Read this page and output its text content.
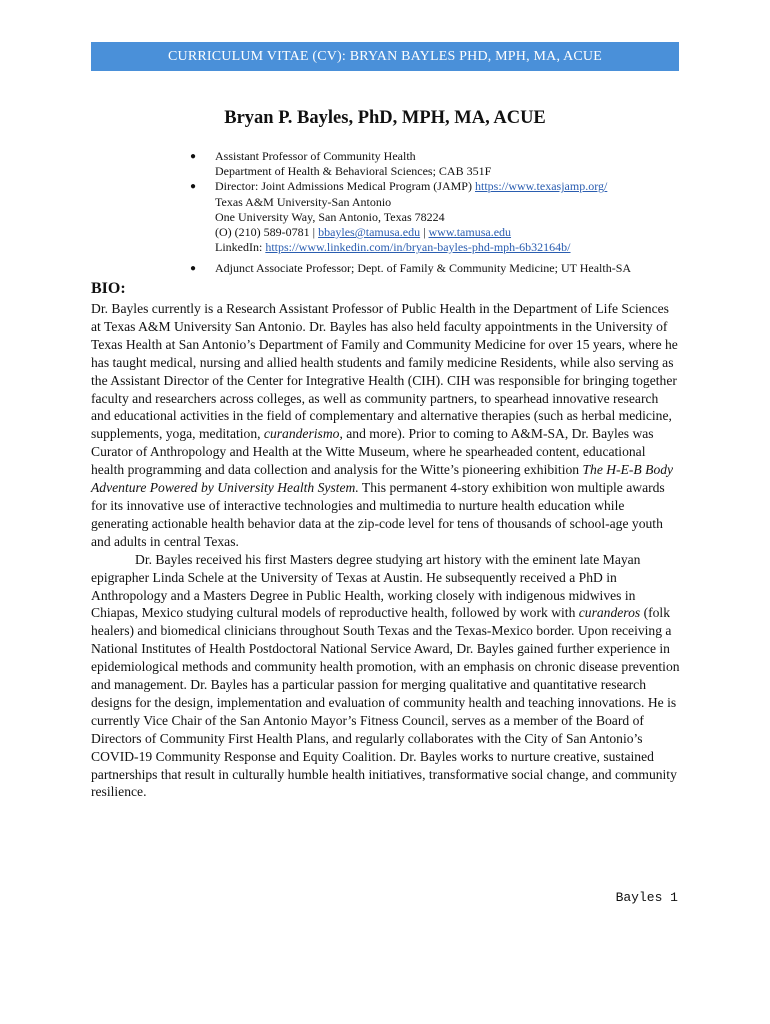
CURRICULUM VITAE (CV): BRYAN BAYLES PHD, MPH, MA, ACUE
Bryan P. Bayles, PhD, MPH, MA, ACUE
● Assistant Professor of Community Health
Department of Health & Behavioral Sciences; CAB 351F
● Director: Joint Admissions Medical Program (JAMP) https://www.texasjamp.org/
Texas A&M University-San Antonio
One University Way, San Antonio, Texas 78224
(O) (210) 589-0781 | bbayles@tamusa.edu | www.tamusa.edu
LinkedIn: https://www.linkedin.com/in/bryan-bayles-phd-mph-6b32164b/
● Adjunct Associate Professor; Dept. of Family & Community Medicine; UT Health-SA
BIO:

Dr. Bayles currently is a Research Assistant Professor of Public Health in the Department of Life Sciences at Texas A&M University San Antonio. Dr. Bayles has also held faculty appointments in the University of Texas Health at San Antonio’s Department of Family and Community Medicine for over 15 years, where he has taught medical, nursing and allied health students and family medicine Residents, while also serving as the Assistant Director of the Center for Integrative Health (CIH). CIH was responsible for bringing together faculty and researchers across colleges, as well as community partners, to spearhead innovative research and educational activities in the field of complementary and alternative therapies (such as herbal medicine, supplements, yoga, meditation, curanderismo, and more). Prior to coming to A&M-SA, Dr. Bayles was Curator of Anthropology and Health at the Witte Museum, where he spearheaded content, educational health programming and data collection and analysis for the Witte’s pioneering exhibition The H-E-B Body Adventure Powered by University Health System. This permanent 4-story exhibition won multiple awards for its innovative use of interactive technologies and multimedia to nurture health education while generating actionable health behavior data at the zip-code level for tens of thousands of school-age youth and adults in central Texas.

Dr. Bayles received his first Masters degree studying art history with the eminent late Mayan epigrapher Linda Schele at the University of Texas at Austin. He subsequently received a PhD in Anthropology and a Masters Degree in Public Health, working closely with indigenous midwives in Chiapas, Mexico studying cultural models of reproductive health, followed by work with curanderos (folk healers) and biomedical clinicians throughout South Texas and the Texas-Mexico border. Upon receiving a National Institutes of Health Postdoctoral National Service Award, Dr. Bayles gained further experience in epidemiological methods and community health promotion, with an emphasis on chronic disease prevention and management. Dr. Bayles has a particular passion for merging qualitative and quantitative research designs for the design, implementation and evaluation of community health and teaching innovations. He is currently Vice Chair of the San Antonio Mayor’s Fitness Council, serves as a member of the Board of Directors of Community First Health Plans, and regularly collaborates with the City of San Antonio’s COVID-19 Community Response and Equity Coalition. Dr. Bayles works to nurture creative, sustained partnerships that result in culturally humble health initiatives, transformative social change, and community resilience.

Bayles 1
